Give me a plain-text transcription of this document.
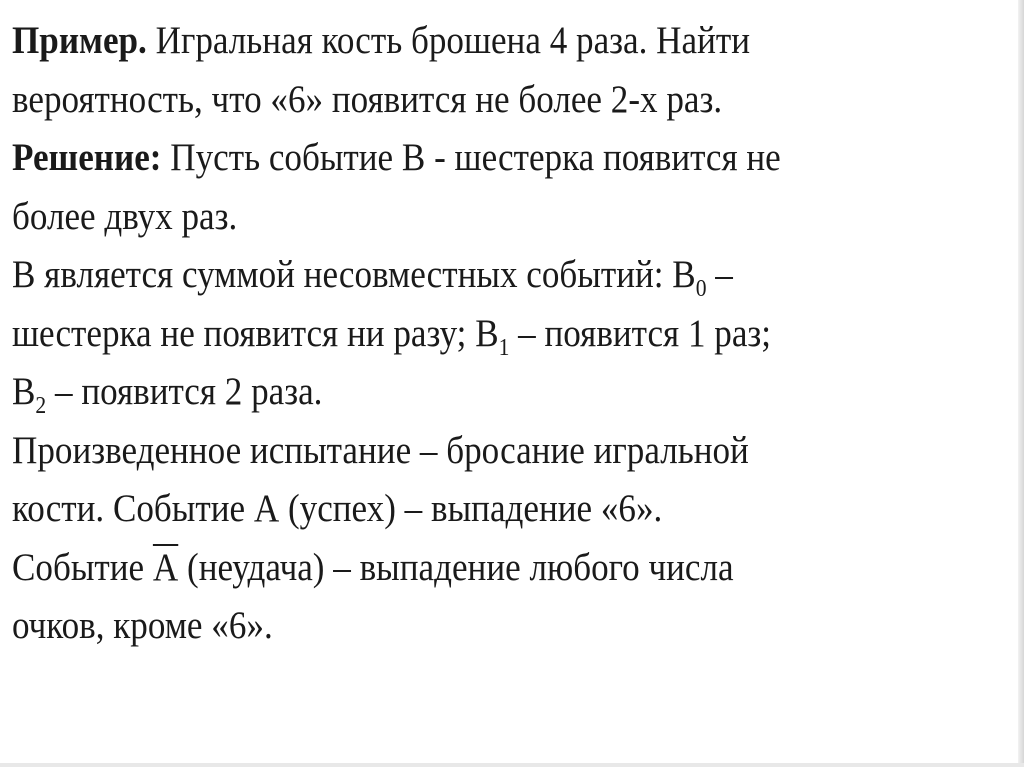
Пример. Игральная кость брошена 4 раза. Найти
вероятность, что «6» появится не более 2-х раз.
Решение: Пусть событие В - шестерка появится не
более двух раз.
В является суммой несовместных событий: $В_0$ –
шестерка не появится ни разу; $В_1$ – появится 1 раз;
$В_2$ – появится 2 раза.
Произведенное испытание – бросание игральной
кости. Событие А (успех) – выпадение «6».
Событие А (неудача) – выпадение любого числа
очков, кроме «6».
